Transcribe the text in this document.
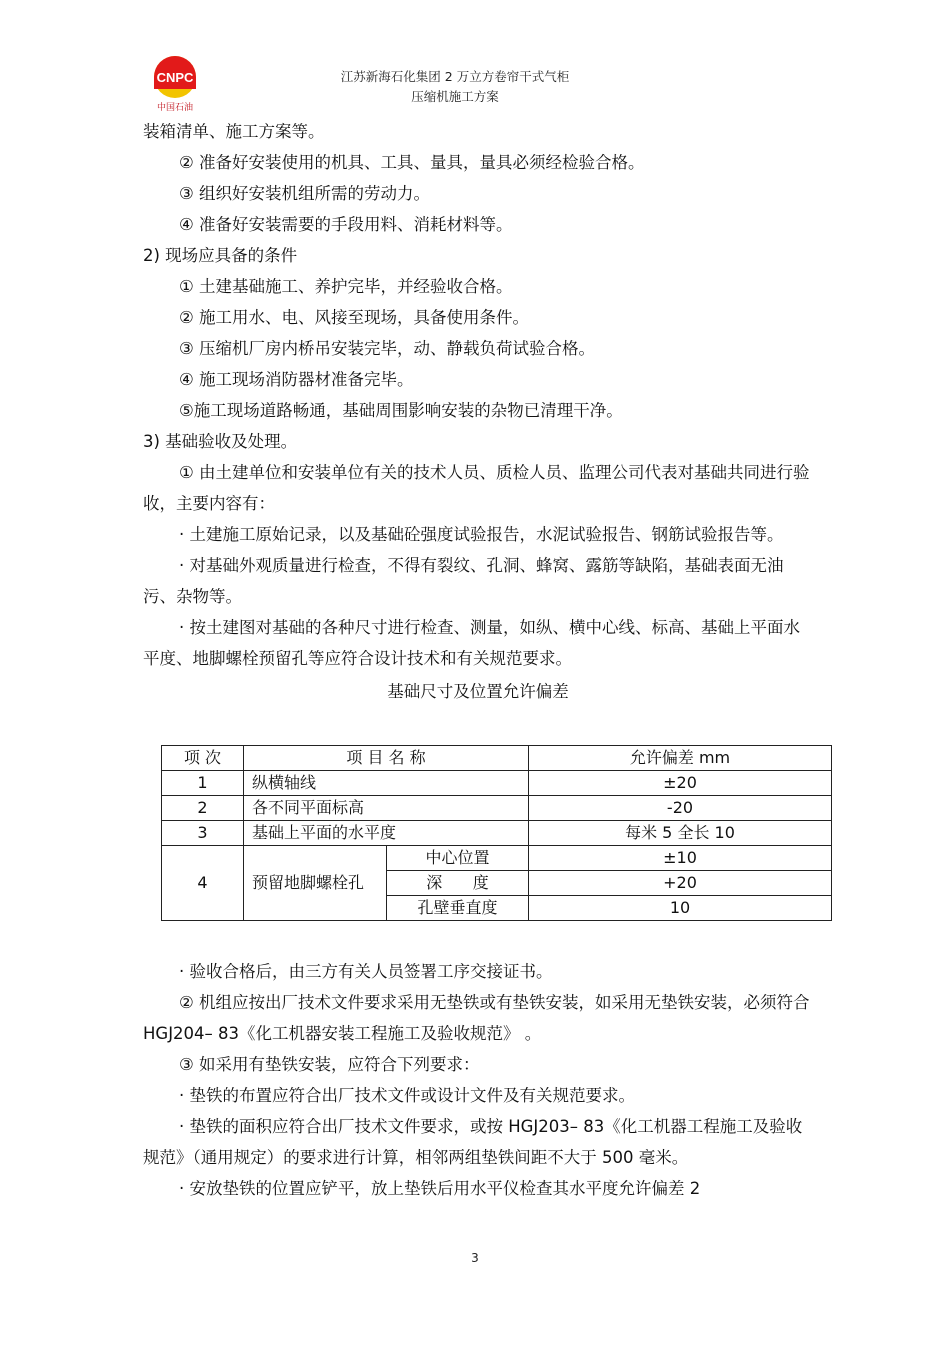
CNPC
中国石油
江苏新海石化集团 2 万立方卷帘干式气柜
压缩机施工方案
装箱清单、施工方案等。
② 准备好安装使用的机具、工具、量具，量具必须经检验合格。
③ 组织好安装机组所需的劳动力。
④ 准备好安装需要的手段用料、消耗材料等。
2) 现场应具备的条件
① 土建基础施工、养护完毕，并经验收合格。
② 施工用水、电、风接至现场，具备使用条件。
③ 压缩机厂房内桥吊安装完毕，动、静载负荷试验合格。
④ 施工现场消防器材准备完毕。
⑤施工现场道路畅通，基础周围影响安装的杂物已清理干净。
3) 基础验收及处理。
① 由土建单位和安装单位有关的技术人员、质检人员、监理公司代表对基础共同进行验收，主要内容有：
· 土建施工原始记录，以及基础砼强度试验报告，水泥试验报告、钢筋试验报告等。
· 对基础外观质量进行检查，不得有裂纹、孔洞、蜂窝、露筋等缺陷，基础表面无油污、杂物等。
· 按土建图对基础的各种尺寸进行检查、测量，如纵、横中心线、标高、基础上平面水平度、地脚螺栓预留孔等应符合设计技术和有关规范要求。
基础尺寸及位置允许偏差
项 次	项 目 名 称		允许偏差 mm
1	纵横轴线		±20
2	各不同平面标高		-20
3	基础上平面的水平度		每米 5 全长 10
4	预留地脚螺栓孔	中心位置	±10
		深      度	+20
		孔壁垂直度	10
· 验收合格后，由三方有关人员签署工序交接证书。
② 机组应按出厂技术文件要求采用无垫铁或有垫铁安装，如采用无垫铁安装，必须符合 HGJ204– 83《化工机器安装工程施工及验收规范》 。
③ 如采用有垫铁安装，应符合下列要求：
· 垫铁的布置应符合出厂技术文件或设计文件及有关规范要求。
· 垫铁的面积应符合出厂技术文件要求，或按 HGJ203– 83《化工机器工程施工及验收规范》（通用规定）的要求进行计算，相邻两组垫铁间距不大于 500 毫米。
· 安放垫铁的位置应铲平，放上垫铁后用水平仪检查其水平度允许偏差 2
3
